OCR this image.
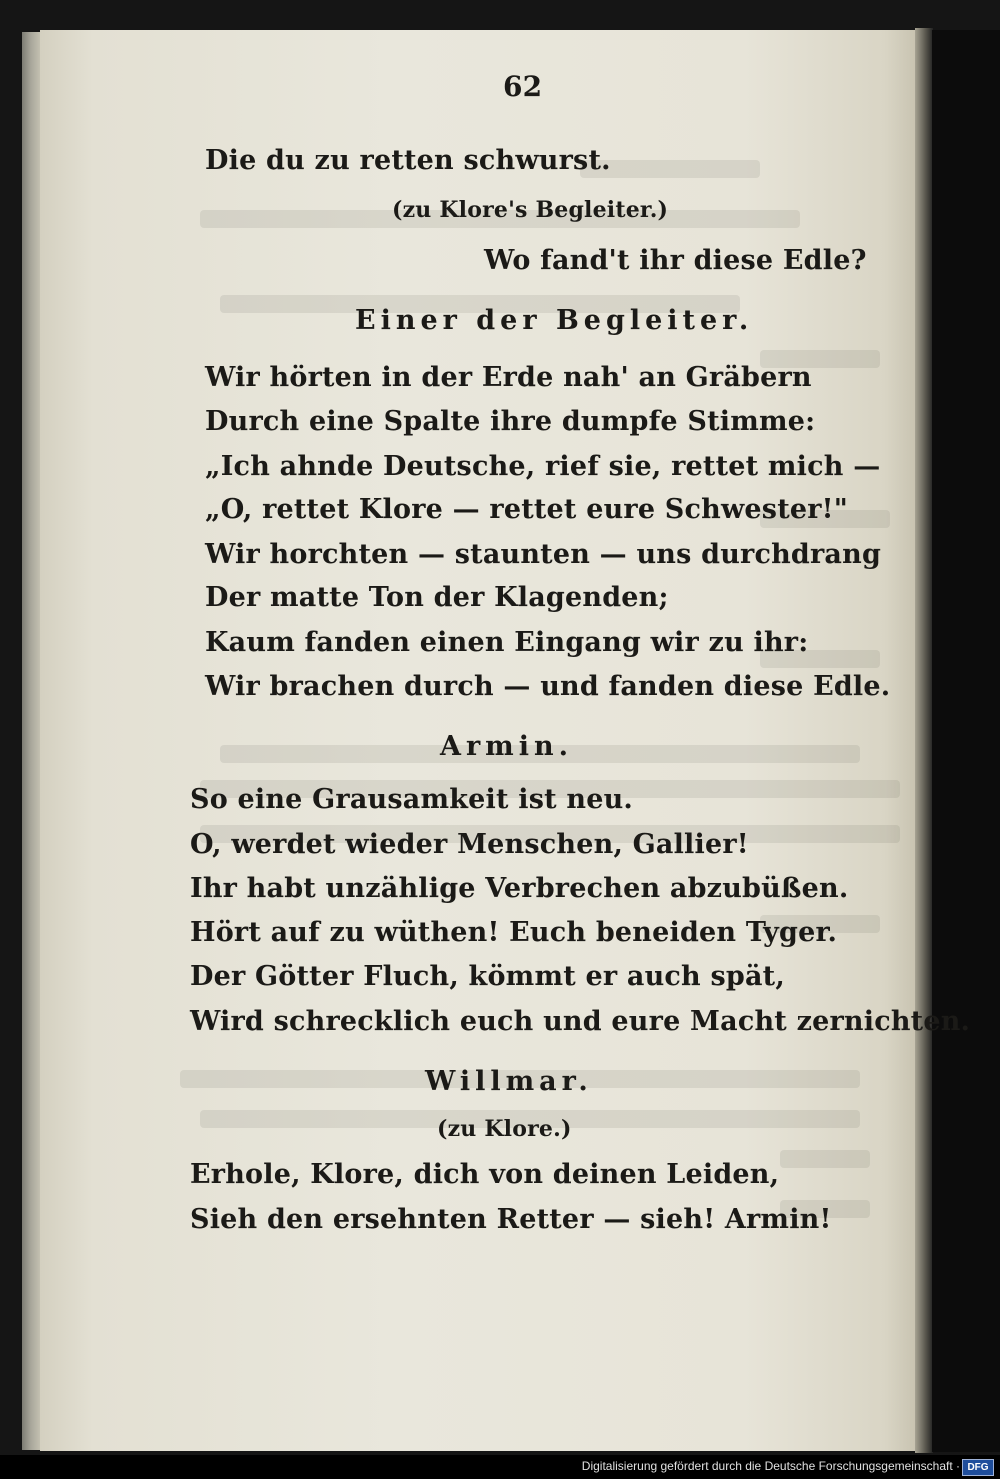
62
Die du zu retten schwurst.
(zu Klore's Begleiter.)
Wo fand't ihr diese Edle?
Einer der Begleiter.
Wir hörten in der Erde nah' an Gräbern
Durch eine Spalte ihre dumpfe Stimme:
„Ich ahnde Deutsche, rief sie, rettet mich —
„O, rettet Klore — rettet eure Schwester!"
Wir horchten — staunten — uns durchdrang
Der matte Ton der Klagenden;
Kaum fanden einen Eingang wir zu ihr:
Wir brachen durch — und fanden diese Edle.
Armin.
So eine Grausamkeit ist neu.
O, werdet wieder Menschen, Gallier!
Ihr habt unzählige Verbrechen abzubüßen.
Hört auf zu wüthen! Euch beneiden Tyger.
Der Götter Fluch, kömmt er auch spät,
Wird schrecklich euch und eure Macht zernichten.
Willmar.
(zu Klore.)
Erhole, Klore, dich von deinen Leiden,
Sieh den ersehnten Retter — sieh! Armin!
Digitalisierung gefördert durch die Deutsche Forschungsgemeinschaft · DFG
